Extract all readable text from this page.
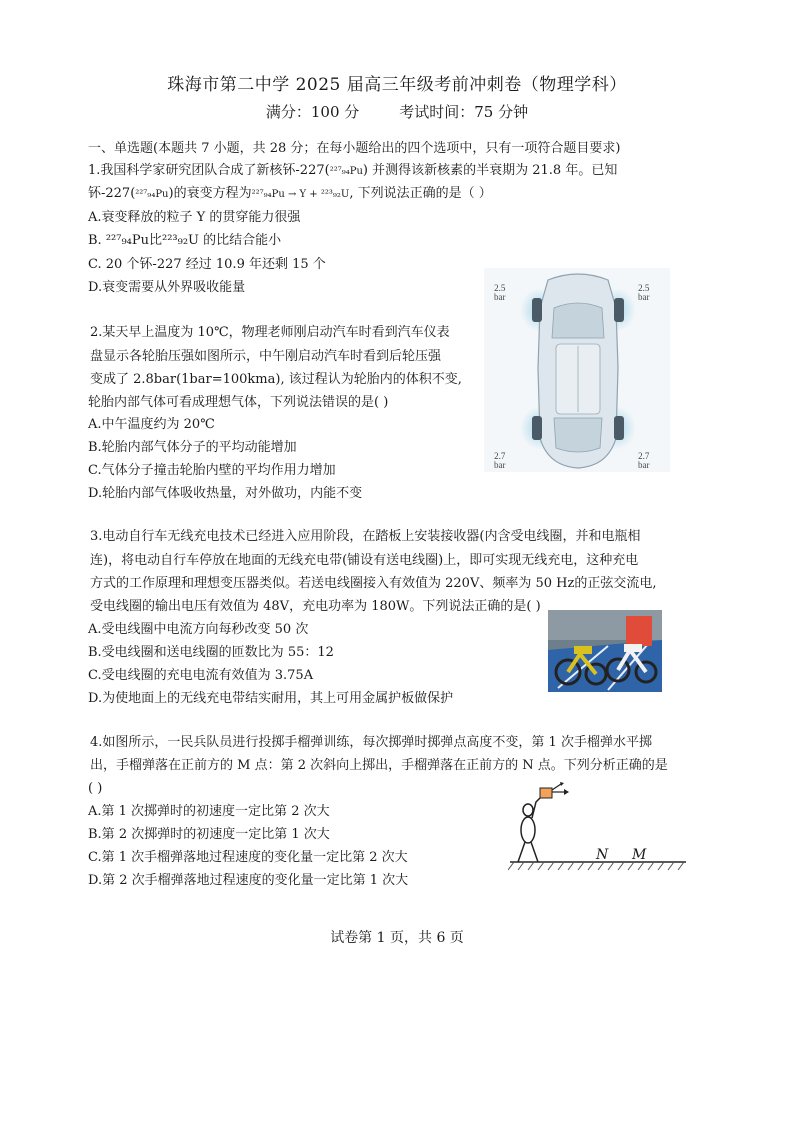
珠海市第二中学 2025 届高三年级考前冲刺卷（物理学科）
满分：100 分	考试时间：75 分钟
一、单选题(本题共 7 小题，共 28 分；在每小题给出的四个选项中，只有一项符合题目要求)
1.我国科学家研究团队合成了新核钚-227(²²⁷₉₄Pu) 并测得该新核素的半衰期为 21.8 年。已知
钚-227(²²⁷₉₄Pu)的衰变方程为²²⁷₉₄Pu → Y + ²²³₉₂U, 下列说法正确的是（ ）
A.衰变释放的粒子 Y 的贯穿能力很强
B. ²²⁷₉₄Pu比²²³₉₂U 的比结合能小
C. 20 个钚-227 经过 10.9 年还剩 15 个
D.衰变需要从外界吸收能量
2.某天早上温度为 10℃，物理老师刚启动汽车时看到汽车仪表
盘显示各轮胎压强如图所示，中午刚启动汽车时看到后轮压强
变成了 2.8bar(1bar=100kma), 该过程认为轮胎内的体积不变,
轮胎内部气体可看成理想气体，下列说法错误的是( )
A.中午温度约为 20℃
B.轮胎内部气体分子的平均动能增加
C.气体分子撞击轮胎内壁的平均作用力增加
D.轮胎内部气体吸收热量，对外做功，内能不变
2.5
bar
2.5
bar
2.7
bar
2.7
bar
3.电动自行车无线充电技术已经进入应用阶段，在踏板上安装接收器(内含受电线圈，并和电瓶相
连)，将电动自行车停放在地面的无线充电带(铺设有送电线圈)上，即可实现无线充电，这种充电
方式的工作原理和理想变压器类似。若送电线圈接入有效值为 220V、频率为 50 Hz的正弦交流电,
受电线圈的输出电压有效值为 48V，充电功率为 180W。下列说法正确的是( )
A.受电线圈中电流方向每秒改变 50 次
B.受电线圈和送电线圈的匝数比为 55：12
C.受电线圈的充电电流有效值为 3.75A
D.为使地面上的无线充电带结实耐用，其上可用金属护板做保护
4.如图所示，一民兵队员进行投掷手榴弹训练，每次掷弹时掷弹点高度不变，第 1 次手榴弹水平掷
出，手榴弹落在正前方的 M 点：第 2 次斜向上掷出，手榴弹落在正前方的 N 点。下列分析正确的是
( )
A.第 1 次掷弹时的初速度一定比第 2 次大
B.第 2 次掷弹时的初速度一定比第 1 次大
C.第 1 次手榴弹落地过程速度的变化量一定比第 2 次大
D.第 2 次手榴弹落地过程速度的变化量一定比第 1 次大
N M
试卷第 1 页，共 6 页
